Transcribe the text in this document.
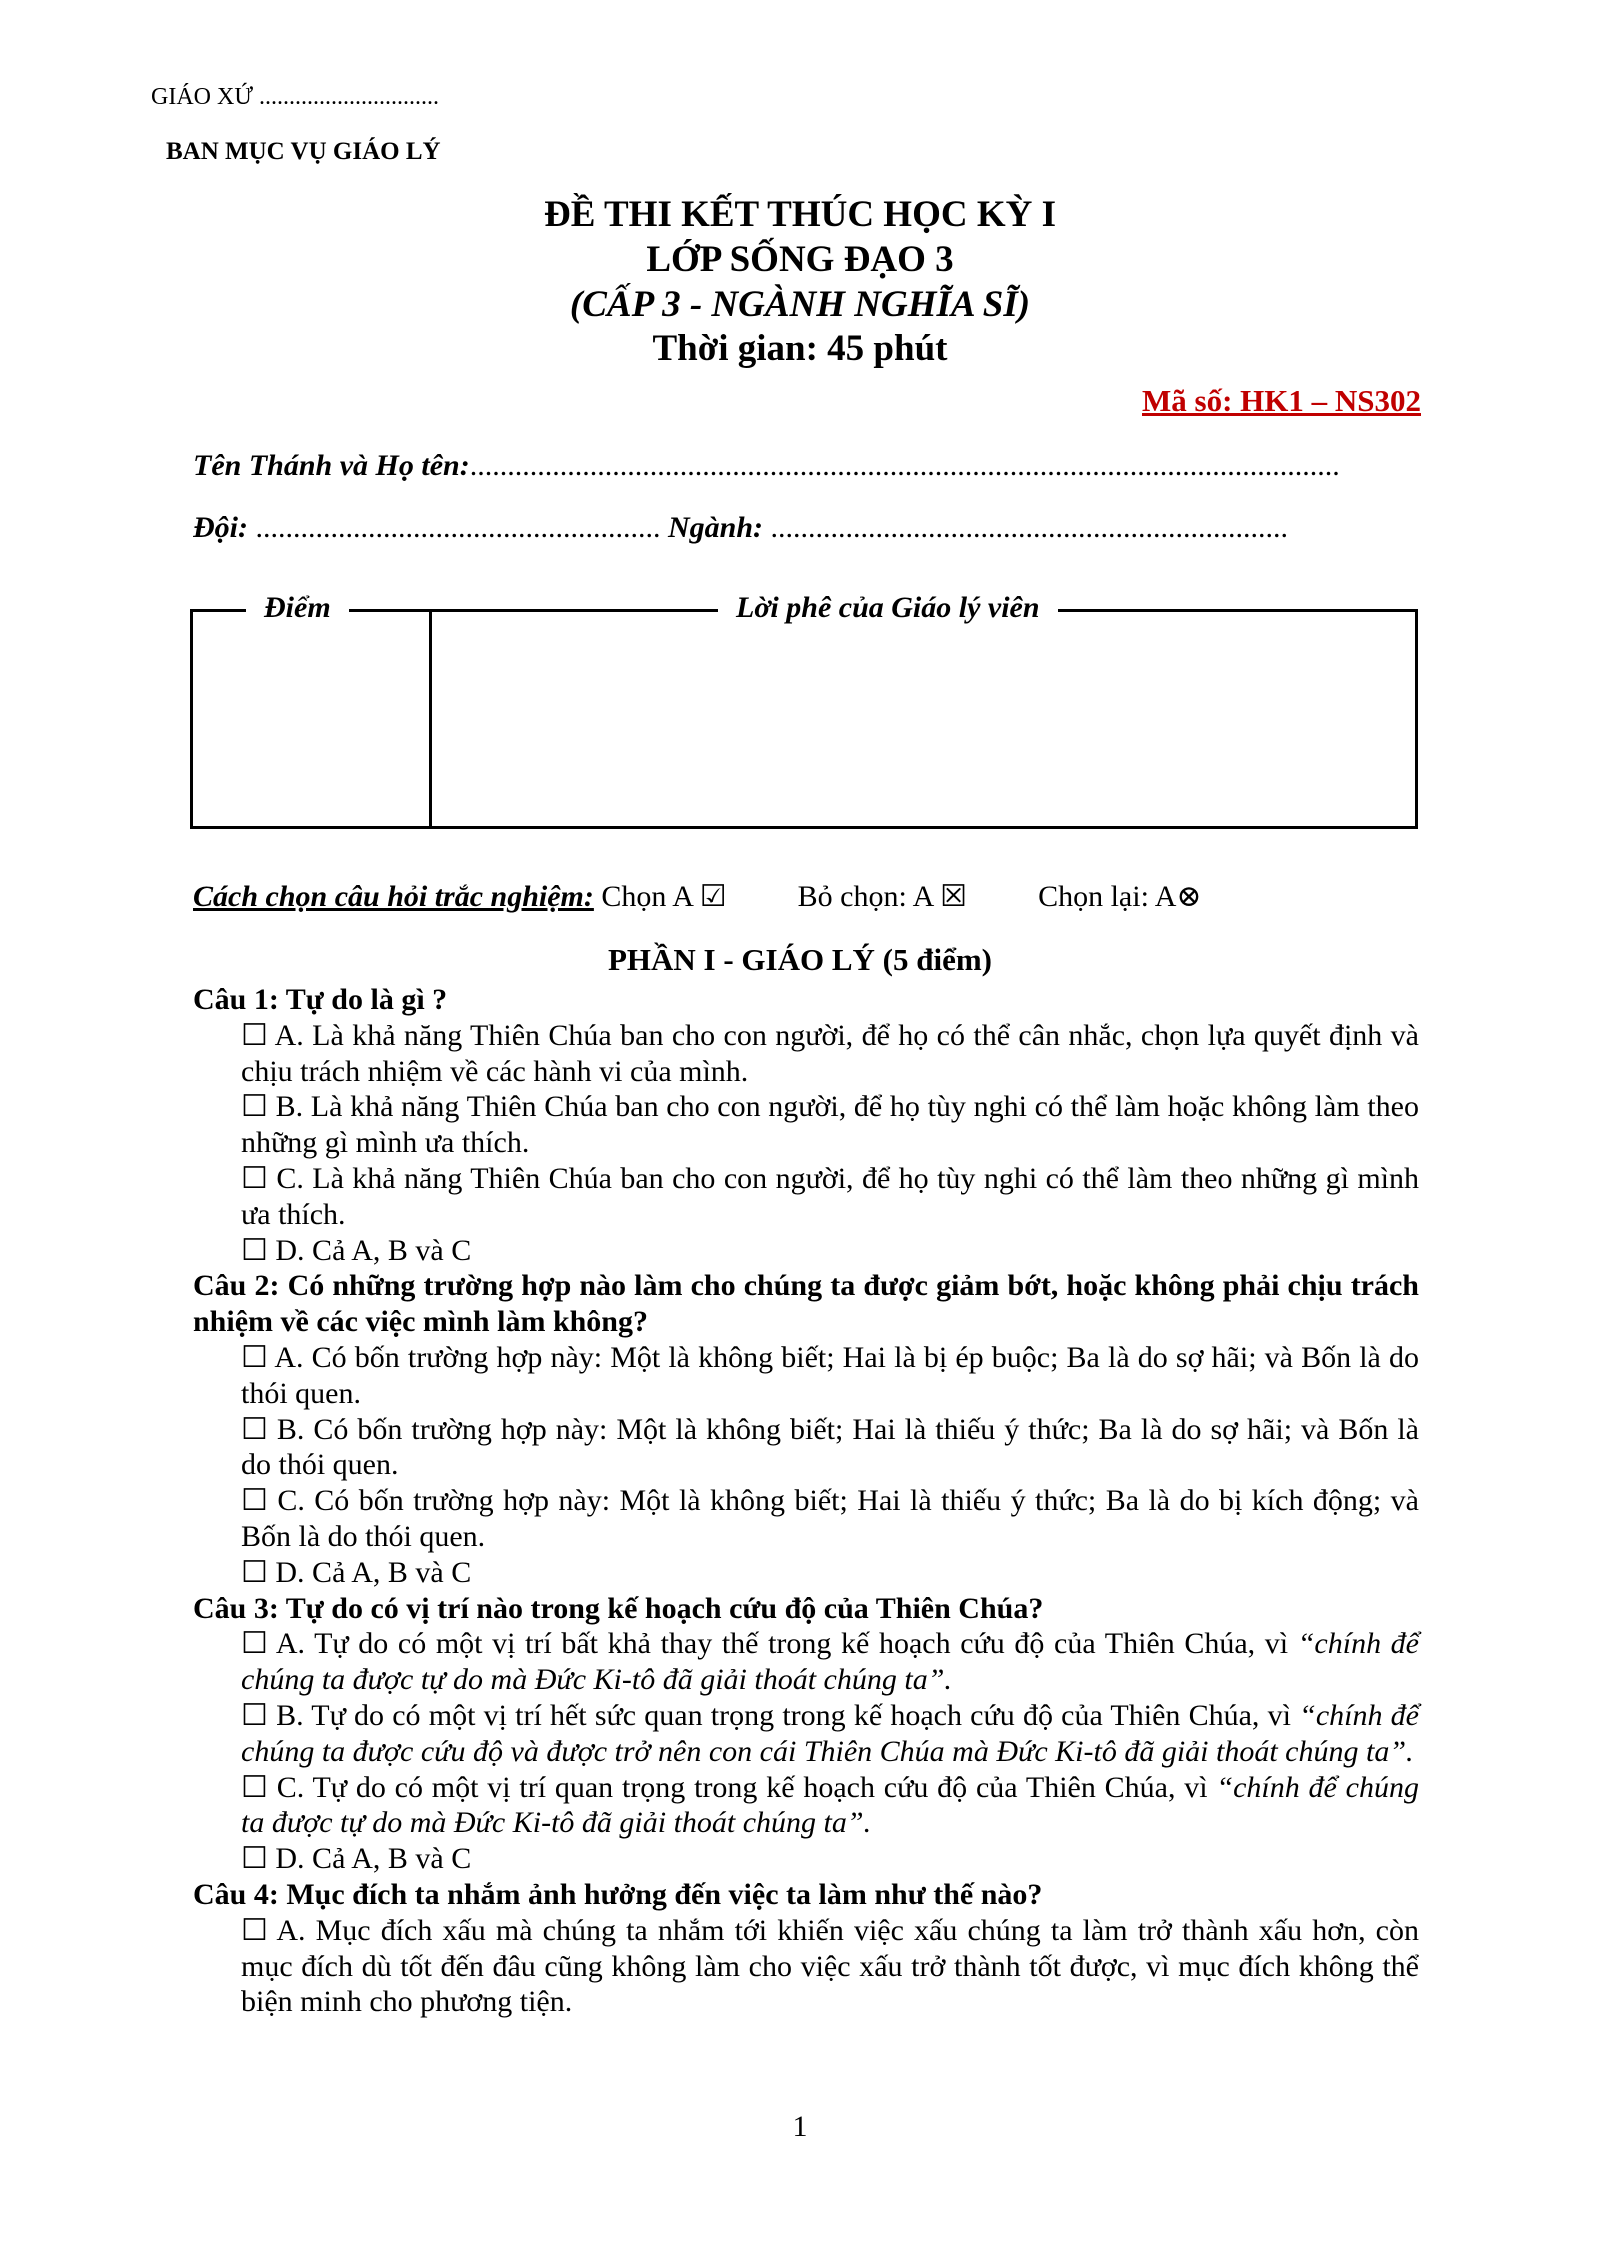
GIÁO XỨ ..............................
BAN MỤC VỤ GIÁO LÝ
ĐỀ THI KẾT THÚC HỌC KỲ I
LỚP SỐNG ĐẠO 3
(CẤP 3 - NGÀNH NGHĨA SĨ)
Thời gian: 45 phút
Mã số: HK1 – NS302
Tên Thánh và Họ tên:....................................................................................................................
Đội: ...................................................... Ngành: .....................................................................
Điểm	Lời phê của Giáo lý viên
Cách chọn câu hỏi trắc nghiệm: Chọn A ☑ Bỏ chọn: A ☒ Chọn lại: A⊗
PHẦN I - GIÁO LÝ (5 điểm)
Câu 1: Tự do là gì ?
☐ A. Là khả năng Thiên Chúa ban cho con người, để họ có thể cân nhắc, chọn lựa quyết định và chịu trách nhiệm về các hành vi của mình.
☐ B. Là khả năng Thiên Chúa ban cho con người, để họ tùy nghi có thể làm hoặc không làm theo những gì mình ưa thích.
☐ C. Là khả năng Thiên Chúa ban cho con người, để họ tùy nghi có thể làm theo những gì mình ưa thích.
☐ D. Cả A, B và C
Câu 2: Có những trường hợp nào làm cho chúng ta được giảm bớt, hoặc không phải chịu trách nhiệm về các việc mình làm không?
☐ A. Có bốn trường hợp này: Một là không biết; Hai là bị ép buộc; Ba là do sợ hãi; và Bốn là do thói quen.
☐ B. Có bốn trường hợp này: Một là không biết; Hai là thiếu ý thức; Ba là do sợ hãi; và Bốn là do thói quen.
☐ C. Có bốn trường hợp này: Một là không biết; Hai là thiếu ý thức; Ba là do bị kích động; và Bốn là do thói quen.
☐ D. Cả A, B và C
Câu 3: Tự do có vị trí nào trong kế hoạch cứu độ của Thiên Chúa?
☐ A. Tự do có một vị trí bất khả thay thế trong kế hoạch cứu độ của Thiên Chúa, vì “chính để chúng ta được tự do mà Đức Ki-tô đã giải thoát chúng ta”.
☐ B. Tự do có một vị trí hết sức quan trọng trong kế hoạch cứu độ của Thiên Chúa, vì “chính để chúng ta được cứu độ và được trở nên con cái Thiên Chúa mà Đức Ki-tô đã giải thoát chúng ta”.
☐ C. Tự do có một vị trí quan trọng trong kế hoạch cứu độ của Thiên Chúa, vì “chính để chúng ta được tự do mà Đức Ki-tô đã giải thoát chúng ta”.
☐ D. Cả A, B và C
Câu 4: Mục đích ta nhắm ảnh hưởng đến việc ta làm như thế nào?
☐ A. Mục đích xấu mà chúng ta nhắm tới khiến việc xấu chúng ta làm trở thành xấu hơn, còn mục đích dù tốt đến đâu cũng không làm cho việc xấu trở thành tốt được, vì mục đích không thể biện minh cho phương tiện.
1
